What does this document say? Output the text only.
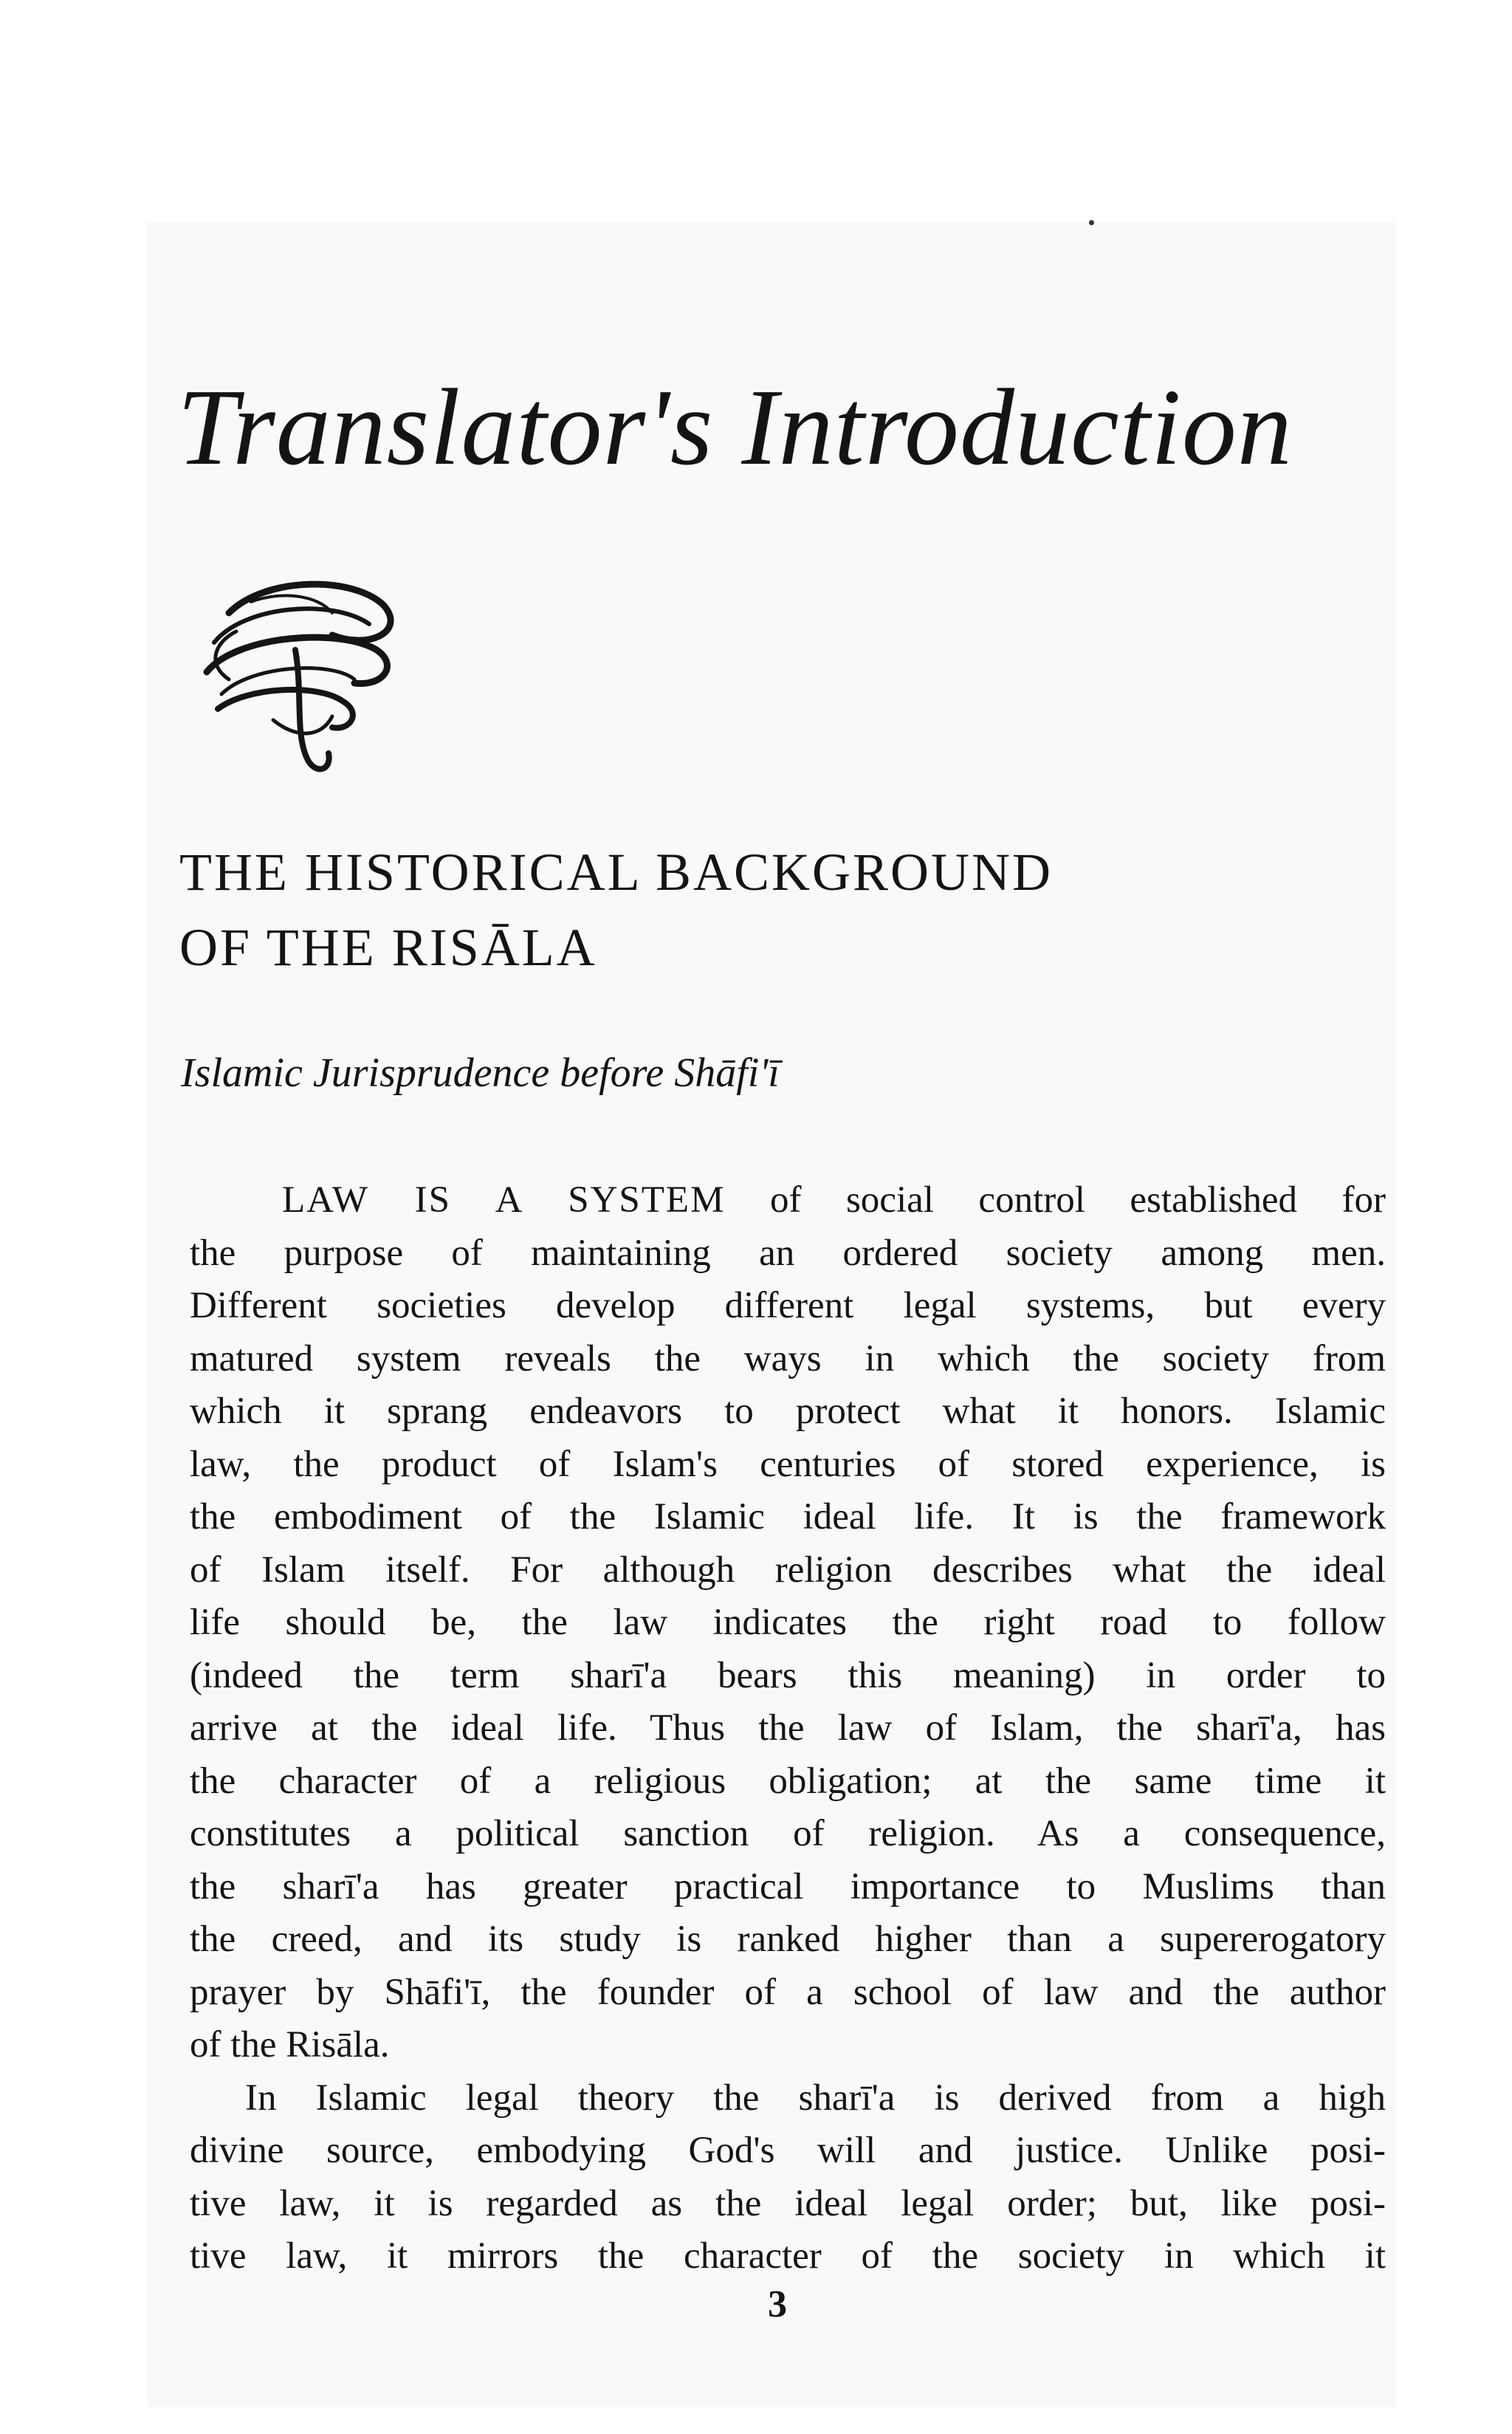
Translator's Introduction
THE HISTORICAL BACKGROUND
OF THE RISĀLA
Islamic Jurisprudence before Shāfi'ī
LAW IS A SYSTEM of social control established for
the purpose of maintaining an ordered society among men.
Different societies develop different legal systems, but every
matured system reveals the ways in which the society from
which it sprang endeavors to protect what it honors. Islamic
law, the product of Islam's centuries of stored experience, is
the embodiment of the Islamic ideal life. It is the framework
of Islam itself. For although religion describes what the ideal
life should be, the law indicates the right road to follow
(indeed the term sharī'a bears this meaning) in order to
arrive at the ideal life. Thus the law of Islam, the sharī'a, has
the character of a religious obligation; at the same time it
constitutes a political sanction of religion. As a consequence,
the sharī'a has greater practical importance to Muslims than
the creed, and its study is ranked higher than a supererogatory
prayer by Shāfi'ī, the founder of a school of law and the author
of the Risāla.
In Islamic legal theory the sharī'a is derived from a high
divine source, embodying God's will and justice. Unlike posi-
tive law, it is regarded as the ideal legal order; but, like posi-
tive law, it mirrors the character of the society in which it

3
